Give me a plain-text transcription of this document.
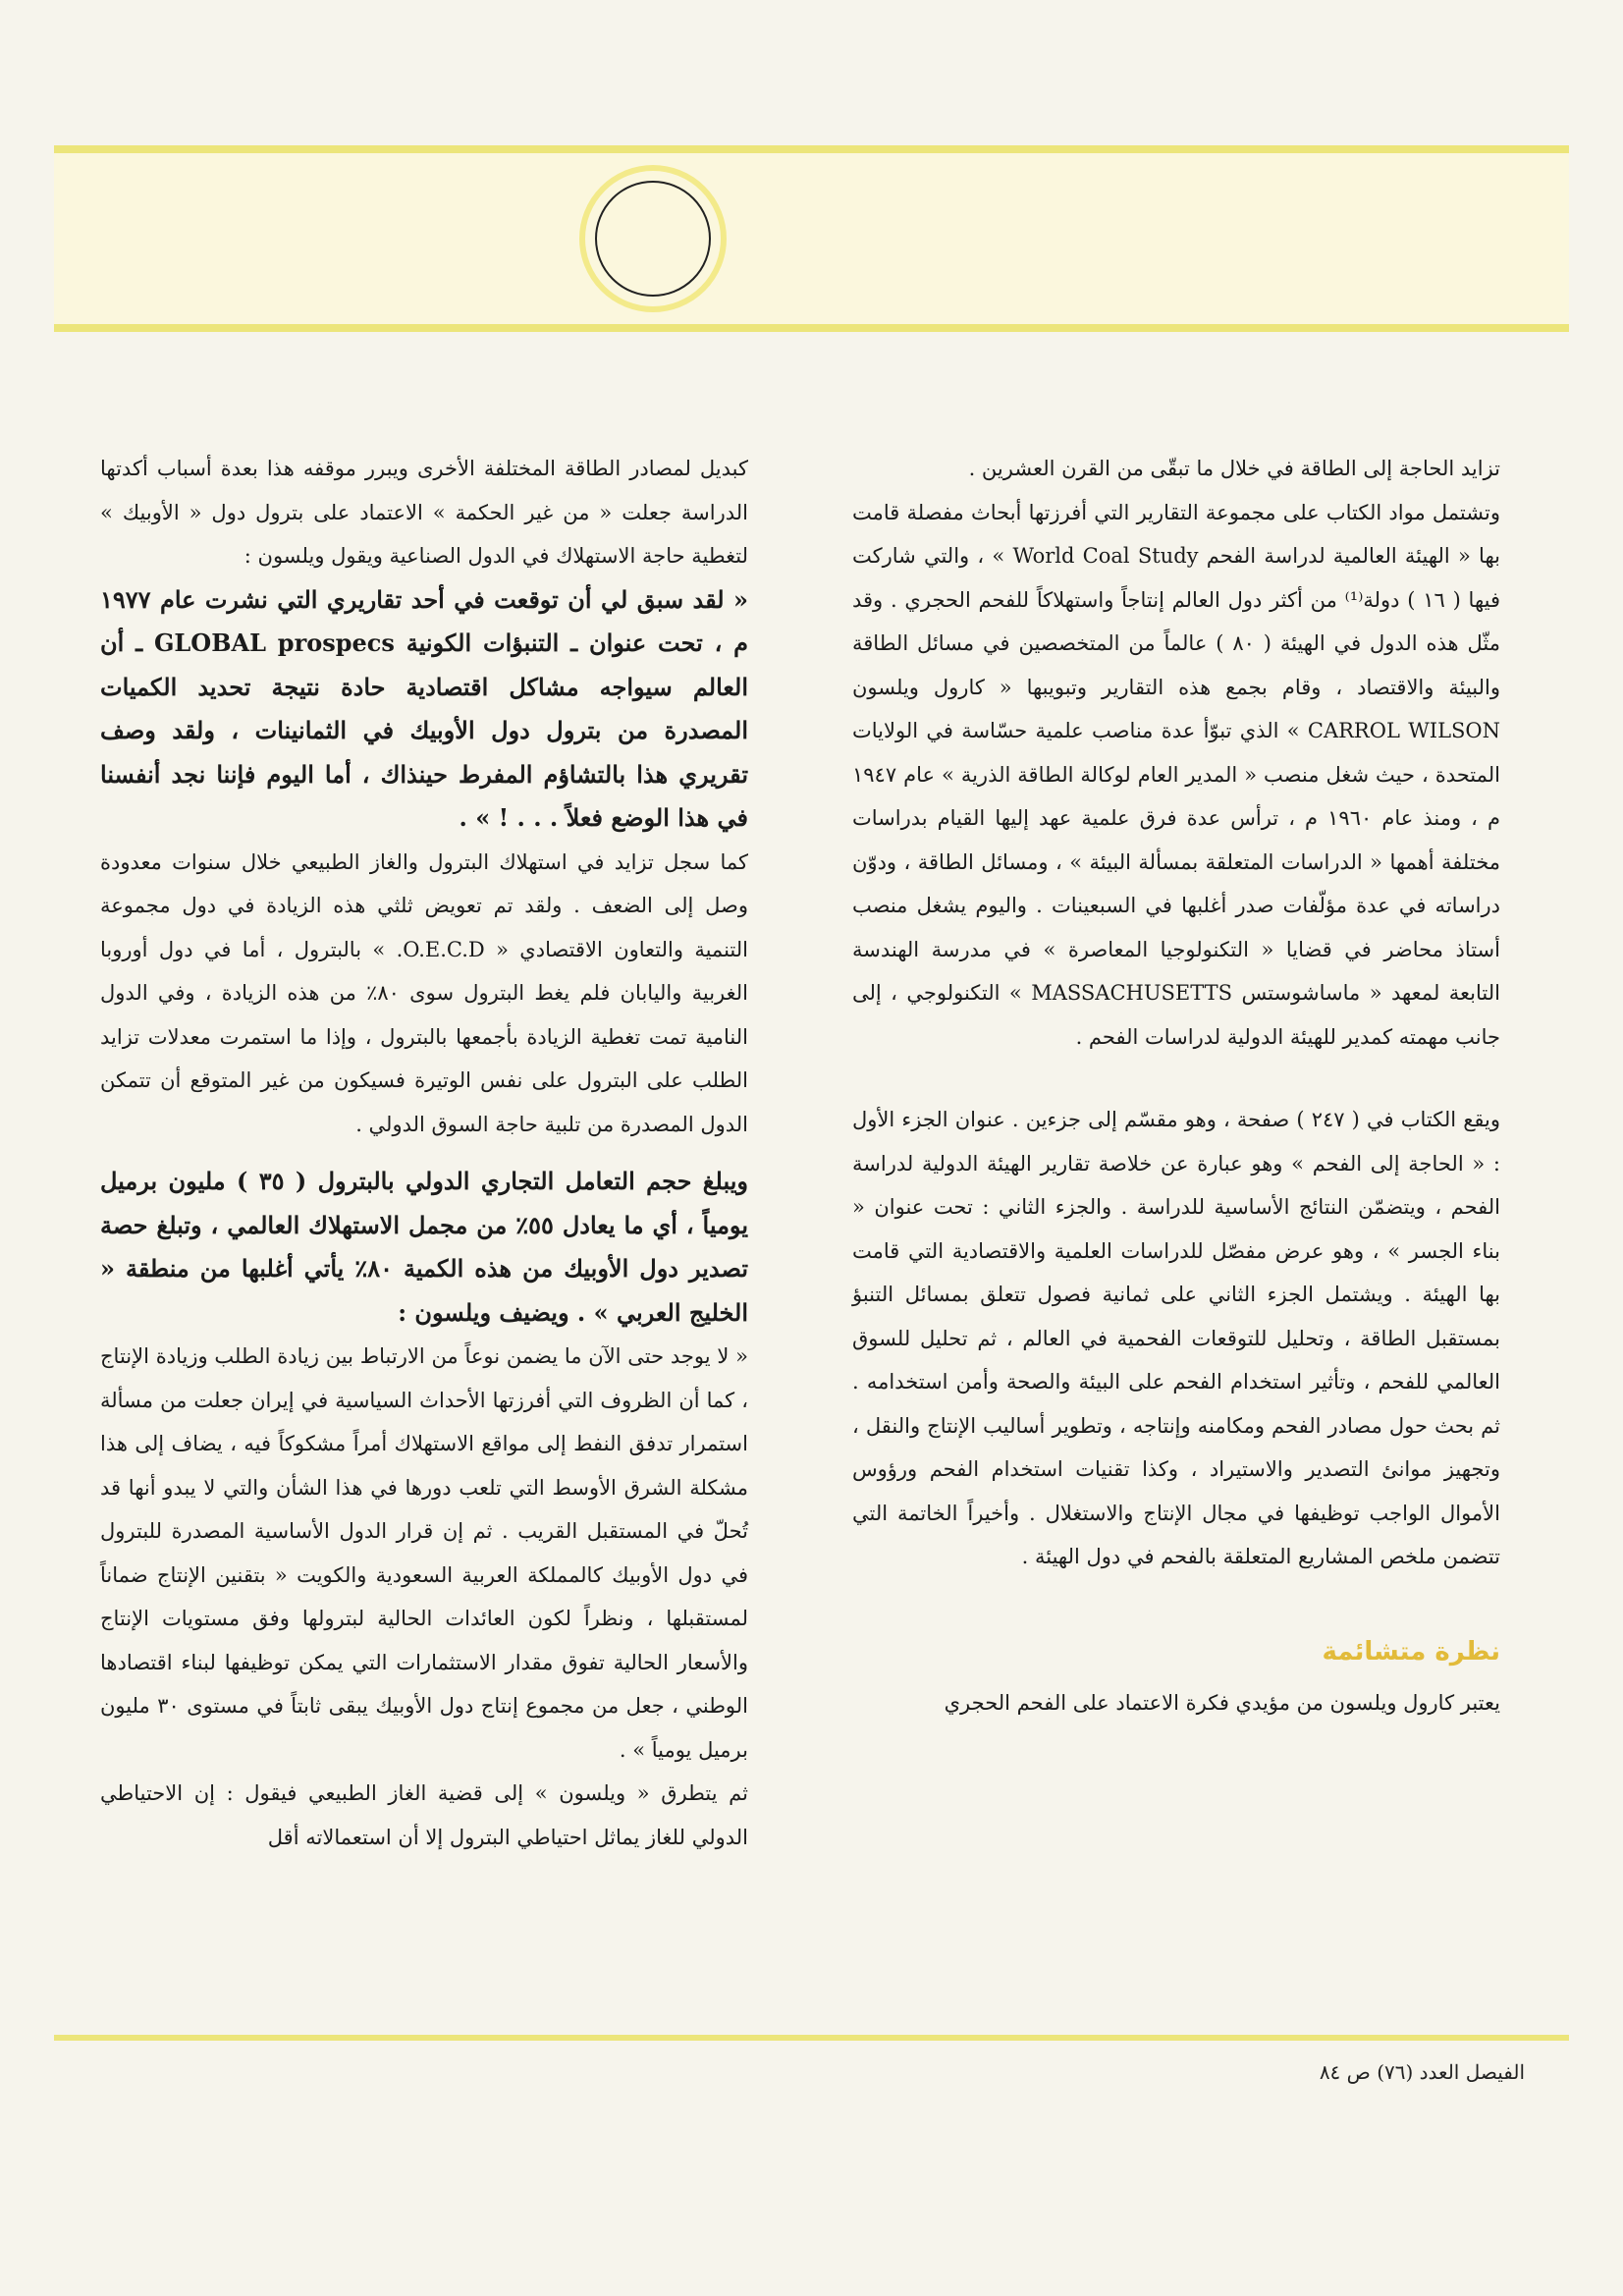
تزايد الحاجة إلى الطاقة في خلال ما تبقّى من القرن العشرين .

وتشتمل مواد الكتاب على مجموعة التقارير التي أفرزتها أبحاث مفصلة قامت بها « الهيئة العالمية لدراسة الفحم World Coal Study » ، والتي شاركت فيها ( ١٦ ) دولة⁽¹⁾ من أكثر دول العالم إنتاجاً واستهلاكاً للفحم الحجري . وقد مثّل هذه الدول في الهيئة ( ٨٠ ) عالماً من المتخصصين في مسائل الطاقة والبيئة والاقتصاد ، وقام بجمع هذه التقارير وتبويبها « كارول ويلسون CARROL WILSON » الذي تبوّأ عدة مناصب علمية حسّاسة في الولايات المتحدة ، حيث شغل منصب « المدير العام لوكالة الطاقة الذرية » عام ١٩٤٧ م ، ومنذ عام ١٩٦٠ م ، ترأس عدة فرق علمية عهد إليها القيام بدراسات مختلفة أهمها « الدراسات المتعلقة بمسألة البيئة » ، ومسائل الطاقة ، ودوّن دراساته في عدة مؤلّفات صدر أغلبها في السبعينات . واليوم يشغل منصب أستاذ محاضر في قضايا « التكنولوجيا المعاصرة » في مدرسة الهندسة التابعة لمعهد « ماساشوستس MASSACHUSETTS » التكنولوجي ، إلى جانب مهمته كمدير للهيئة الدولية لدراسات الفحم .

ويقع الكتاب في ( ٢٤٧ ) صفحة ، وهو مقسّم إلى جزءين . عنوان الجزء الأول : « الحاجة إلى الفحم » وهو عبارة عن خلاصة تقارير الهيئة الدولية لدراسة الفحم ، ويتضمّن النتائج الأساسية للدراسة . والجزء الثاني : تحت عنوان « بناء الجسر » ، وهو عرض مفصّل للدراسات العلمية والاقتصادية التي قامت بها الهيئة . ويشتمل الجزء الثاني على ثمانية فصول تتعلق بمسائل التنبؤ بمستقبل الطاقة ، وتحليل للتوقعات الفحمية في العالم ، ثم تحليل للسوق العالمي للفحم ، وتأثير استخدام الفحم على البيئة والصحة وأمن استخدامه . ثم بحث حول مصادر الفحم ومكامنه وإنتاجه ، وتطوير أساليب الإنتاج والنقل ، وتجهيز موانئ التصدير والاستيراد ، وكذا تقنيات استخدام الفحم ورؤوس الأموال الواجب توظيفها في مجال الإنتاج والاستغلال . وأخيراً الخاتمة التي تتضمن ملخص المشاريع المتعلقة بالفحم في دول الهيئة .

نظرة متشائمة

يعتبر كارول ويلسون من مؤيدي فكرة الاعتماد على الفحم الحجري

كبديل لمصادر الطاقة المختلفة الأخرى ويبرر موقفه هذا بعدة أسباب أكدتها الدراسة جعلت « من غير الحكمة » الاعتماد على بترول دول « الأوبيك » لتغطية حاجة الاستهلاك في الدول الصناعية ويقول ويلسون :

« لقد سبق لي أن توقعت في أحد تقاريري التي نشرت عام ١٩٧٧ م ، تحت عنوان ـ التنبؤات الكونية GLOBAL prospecs ـ أن العالم سيواجه مشاكل اقتصادية حادة نتيجة تحديد الكميات المصدرة من بترول دول الأوبيك في الثمانينات ، ولقد وصف تقريري هذا بالتشاؤم المفرط حينذاك ، أما اليوم فإننا نجد أنفسنا في هذا الوضع فعلاً . . . ! » .

كما سجل تزايد في استهلاك البترول والغاز الطبيعي خلال سنوات معدودة وصل إلى الضعف . ولقد تم تعويض ثلثي هذه الزيادة في دول مجموعة التنمية والتعاون الاقتصادي « O.E.C.D. » بالبترول ، أما في دول أوروبا الغربية واليابان فلم يغط البترول سوى ٨٠٪ من هذه الزيادة ، وفي الدول النامية تمت تغطية الزيادة بأجمعها بالبترول ، وإذا ما استمرت معدلات تزايد الطلب على البترول على نفس الوتيرة فسيكون من غير المتوقع أن تتمكن الدول المصدرة من تلبية حاجة السوق الدولي .

ويبلغ حجم التعامل التجاري الدولي بالبترول ( ٣٥ ) مليون برميل يومياً ، أي ما يعادل ٥٥٪ من مجمل الاستهلاك العالمي ، وتبلغ حصة تصدير دول الأوبيك من هذه الكمية ٨٠٪ يأتي أغلبها من منطقة « الخليج العربي » . ويضيف ويلسون :

« لا يوجد حتى الآن ما يضمن نوعاً من الارتباط بين زيادة الطلب وزيادة الإنتاج ، كما أن الظروف التي أفرزتها الأحداث السياسية في إيران جعلت من مسألة استمرار تدفق النفط إلى مواقع الاستهلاك أمراً مشكوكاً فيه ، يضاف إلى هذا مشكلة الشرق الأوسط التي تلعب دورها في هذا الشأن والتي لا يبدو أنها قد تُحلّ في المستقبل القريب . ثم إن قرار الدول الأساسية المصدرة للبترول في دول الأوبيك كالمملكة العربية السعودية والكويت « بتقنين الإنتاج ضماناً لمستقبلها ، ونظراً لكون العائدات الحالية لبترولها وفق مستويات الإنتاج والأسعار الحالية تفوق مقدار الاستثمارات التي يمكن توظيفها لبناء اقتصادها الوطني ، جعل من مجموع إنتاج دول الأوبيك يبقى ثابتاً في مستوى ٣٠ مليون برميل يومياً » .

ثم يتطرق « ويلسون » إلى قضية الغاز الطبيعي فيقول : إن الاحتياطي الدولي للغاز يماثل احتياطي البترول إلا أن استعمالاته أقل

الفيصل العدد (٧٦) ص ٨٤
